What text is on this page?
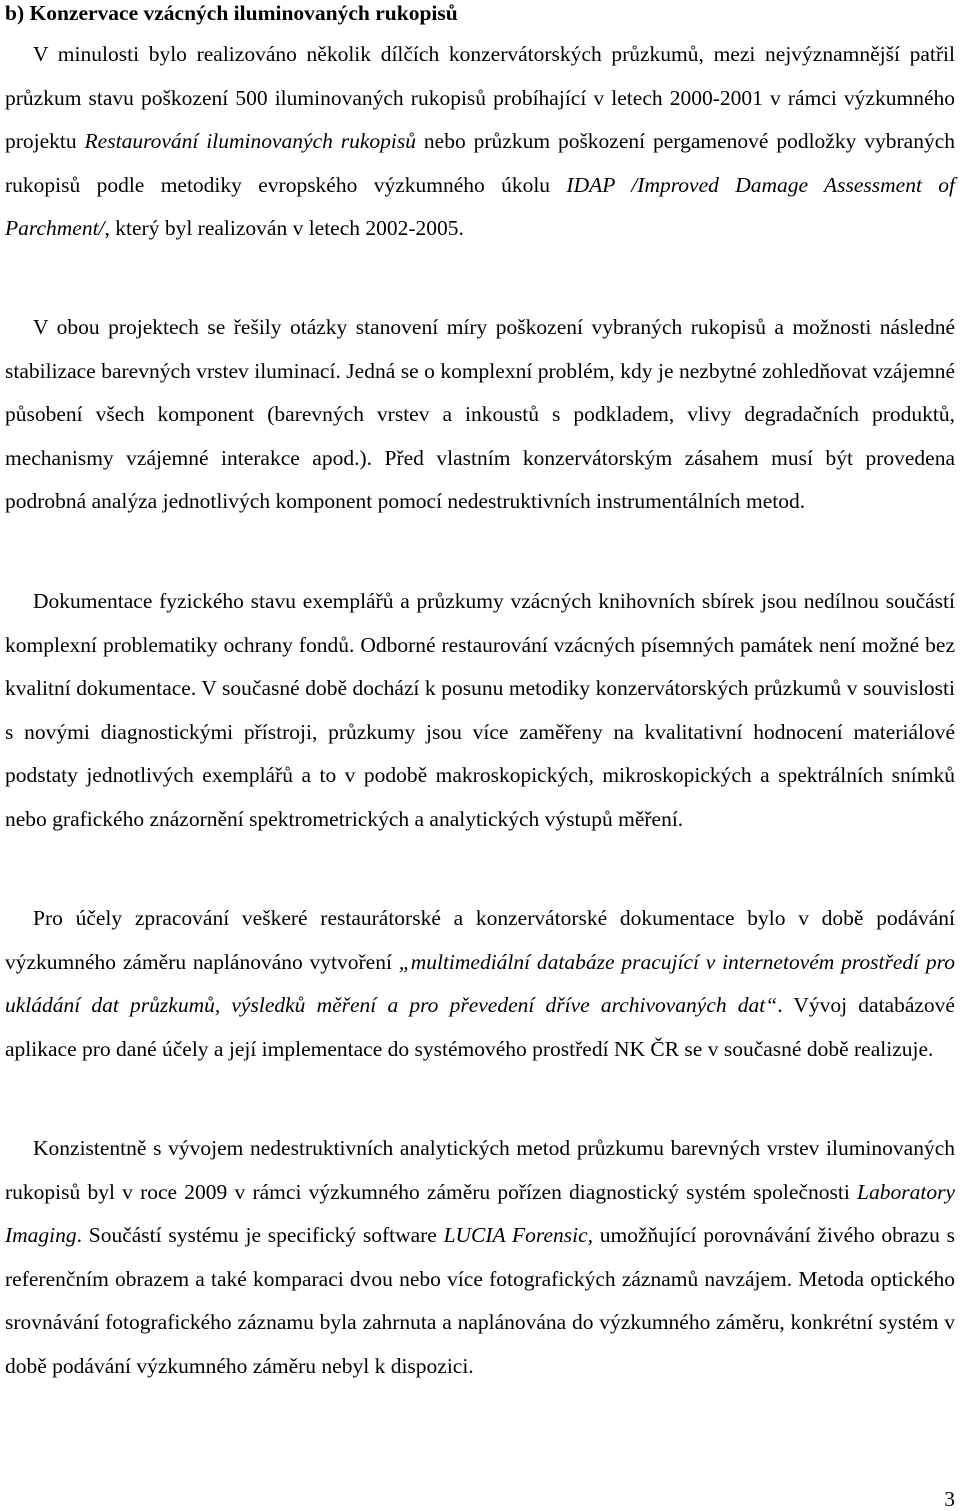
b) Konzervace vzácných iluminovaných rukopisů

V minulosti bylo realizováno několik dílčích konzervátorských průzkumů, mezi nejvýznamnější patřil průzkum stavu poškození 500 iluminovaných rukopisů probíhající v letech 2000-2001 v rámci výzkumného projektu Restaurování iluminovaných rukopisů nebo průzkum poškození pergamenové podložky vybraných rukopisů podle metodiky evropského výzkumného úkolu IDAP /Improved Damage Assessment of Parchment/, který byl realizován v letech 2002-2005.

V obou projektech se řešily otázky stanovení míry poškození vybraných rukopisů a možnosti následné stabilizace barevných vrstev iluminací. Jedná se o komplexní problém, kdy je nezbytné zohledňovat vzájemné působení všech komponent (barevných vrstev a inkoustů s podkladem, vlivy degradačních produktů, mechanismy vzájemné interakce apod.). Před vlastním konzervátorským zásahem musí být provedena podrobná analýza jednotlivých komponent pomocí nedestruktivních instrumentálních metod.

Dokumentace fyzického stavu exemplářů a průzkumy vzácných knihovních sbírek jsou nedílnou součástí komplexní problematiky ochrany fondů. Odborné restaurování vzácných písemných památek není možné bez kvalitní dokumentace. V současné době dochází k posunu metodiky konzervátorských průzkumů v souvislosti s novými diagnostickými přístroji, průzkumy jsou více zaměřeny na kvalitativní hodnocení materiálové podstaty jednotlivých exemplářů a to v podobě makroskopických, mikroskopických a spektrálních snímků nebo grafického znázornění spektrometrických a analytických výstupů měření.

Pro účely zpracování veškeré restaurátorské a konzervátorské dokumentace bylo v době podávání výzkumného záměru naplánováno vytvoření „multimediální databáze pracující v internetovém prostředí pro ukládání dat průzkumů, výsledků měření a pro převedení dříve archivovaných dat“. Vývoj databázové aplikace pro dané účely a její implementace do systémového prostředí NK ČR se v současné době realizuje.

Konzistentně s vývojem nedestruktivních analytických metod průzkumu barevných vrstev iluminovaných rukopisů byl v roce 2009 v rámci výzkumného záměru pořízen diagnostický systém společnosti Laboratory Imaging. Součástí systému je specifický software LUCIA Forensic, umožňující porovnávání živého obrazu s referenčním obrazem a také komparaci dvou nebo více fotografických záznamů navzájem. Metoda optického srovnávání fotografického záznamu byla zahrnuta a naplánována do výzkumného záměru, konkrétní systém v době podávání výzkumného záměru nebyl k dispozici.

3
